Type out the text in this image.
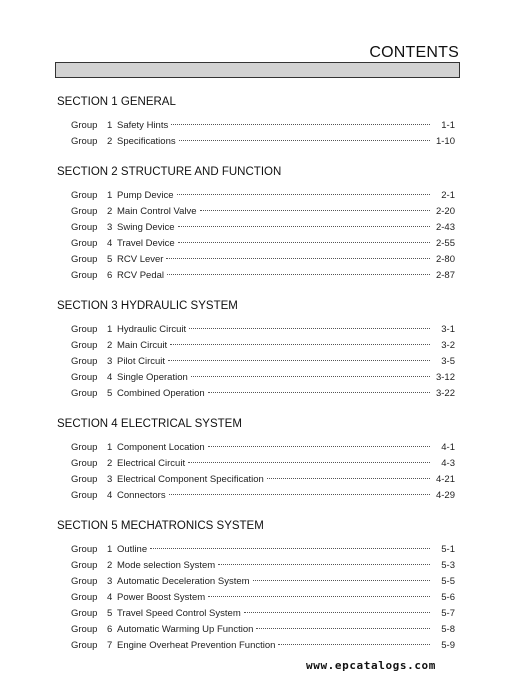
CONTENTS
SECTION 1 GENERAL
Group	1 Safety Hints	1-1
Group	2 Specifications	1-10
SECTION 2 STRUCTURE AND FUNCTION
Group	1 Pump Device	2-1
Group	2 Main Control Valve	2-20
Group	3 Swing Device	2-43
Group	4 Travel Device	2-55
Group	5 RCV Lever	2-80
Group	6 RCV Pedal	2-87
SECTION 3 HYDRAULIC SYSTEM
Group	1 Hydraulic Circuit	3-1
Group	2 Main Circuit	3-2
Group	3 Pilot Circuit	3-5
Group	4 Single Operation	3-12
Group	5 Combined Operation	3-22
SECTION 4 ELECTRICAL SYSTEM
Group	1 Component Location	4-1
Group	2 Electrical Circuit	4-3
Group	3 Electrical Component Specification	4-21
Group	4 Connectors	4-29
SECTION 5 MECHATRONICS SYSTEM
Group	1 Outline	5-1
Group	2 Mode selection System	5-3
Group	3 Automatic Deceleration System	5-5
Group	4 Power Boost System	5-6
Group	5 Travel Speed Control System	5-7
Group	6 Automatic Warming Up Function	5-8
Group	7 Engine Overheat Prevention Function	5-9
www.epcatalogs.com
